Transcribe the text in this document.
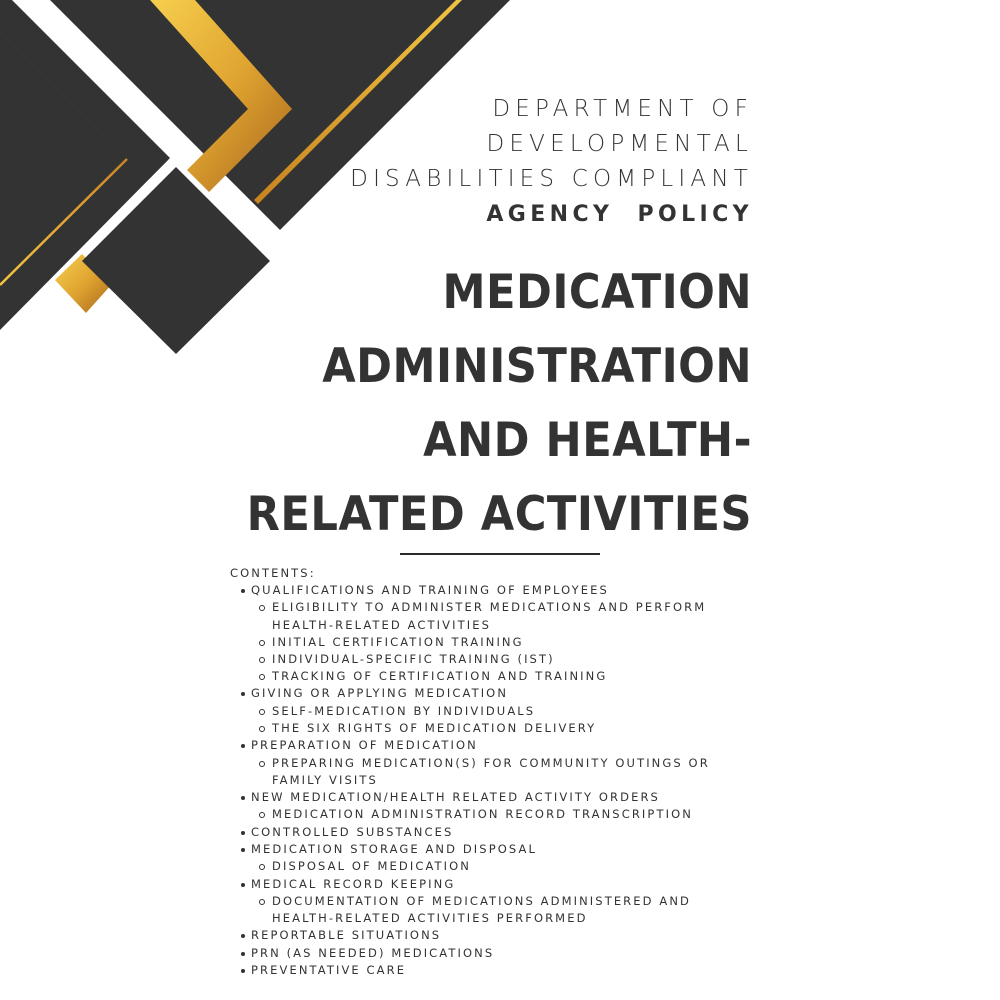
DEPARTMENT OF
DEVELOPMENTAL
DISABILITIES COMPLIANT
AGENCY  POLICY
MEDICATION
ADMINISTRATION
AND HEALTH-
RELATED ACTIVITIES
CONTENTS:
QUALIFICATIONS AND TRAINING OF EMPLOYEES
ELIGIBILITY TO ADMINISTER MEDICATIONS AND PERFORM HEALTH-RELATED ACTIVITIES
INITIAL CERTIFICATION TRAINING
INDIVIDUAL-SPECIFIC TRAINING (IST)
TRACKING OF CERTIFICATION AND TRAINING
GIVING OR APPLYING MEDICATION
SELF-MEDICATION BY INDIVIDUALS
THE SIX RIGHTS OF MEDICATION DELIVERY
PREPARATION OF MEDICATION
PREPARING MEDICATION(S) FOR COMMUNITY OUTINGS OR FAMILY VISITS
NEW MEDICATION/HEALTH RELATED ACTIVITY ORDERS
MEDICATION ADMINISTRATION RECORD TRANSCRIPTION
CONTROLLED SUBSTANCES
MEDICATION STORAGE AND DISPOSAL
DISPOSAL OF MEDICATION
MEDICAL RECORD KEEPING
DOCUMENTATION OF MEDICATIONS ADMINISTERED AND HEALTH-RELATED ACTIVITIES PERFORMED
REPORTABLE SITUATIONS
PRN (AS NEEDED) MEDICATIONS
PREVENTATIVE CARE
